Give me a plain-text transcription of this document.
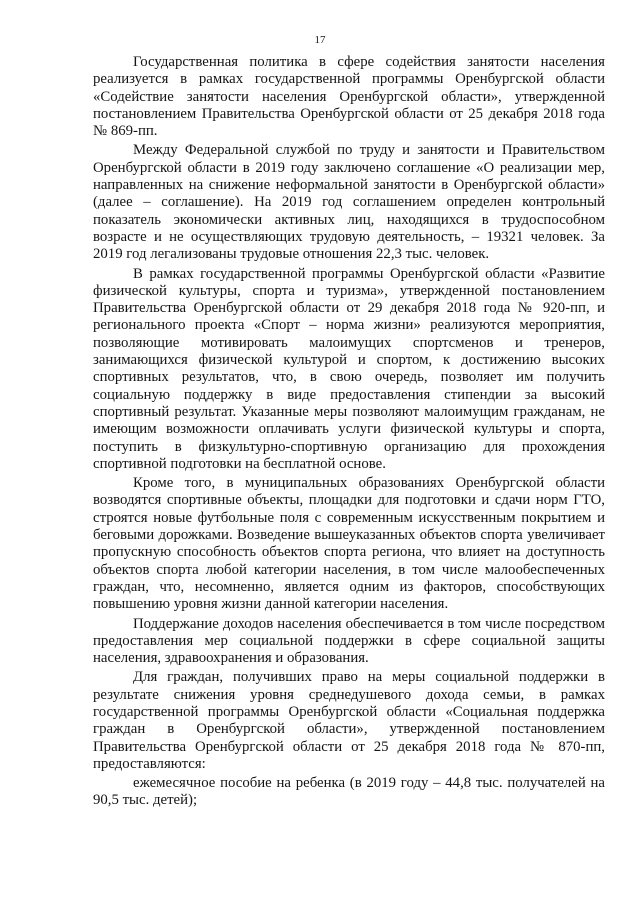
17

Государственная политика в сфере содействия занятости населения реализуется в рамках государственной программы Оренбургской области «Содействие занятости населения Оренбургской области», утвержденной постановлением Правительства Оренбургской области от 25 декабря 2018 года № 869-пп.

Между Федеральной службой по труду и занятости и Правительством Оренбургской области в 2019 году заключено соглашение «О реализации мер, направленных на снижение неформальной занятости в Оренбургской области» (далее – соглашение). На 2019 год соглашением определен контрольный показатель экономически активных лиц, находящихся в трудоспособном возрасте и не осуществляющих трудовую деятельность, – 19321 человек. За 2019 год легализованы трудовые отношения 22,3 тыс. человек.

В рамках государственной программы Оренбургской области «Развитие физической культуры, спорта и туризма», утвержденной постановлением Правительства Оренбургской области от 29 декабря 2018 года № 920-пп, и регионального проекта «Спорт – норма жизни» реализуются мероприятия, позволяющие мотивировать малоимущих спортсменов и тренеров, занимающихся физической культурой и спортом, к достижению высоких спортивных результатов, что, в свою очередь, позволяет им получить социальную поддержку в виде предоставления стипендии за высокий спортивный результат. Указанные меры позволяют малоимущим гражданам, не имеющим возможности оплачивать услуги физической культуры и спорта, поступить в физкультурно-спортивную организацию для прохождения спортивной подготовки на бесплатной основе.

Кроме того, в муниципальных образованиях Оренбургской области возводятся спортивные объекты, площадки для подготовки и сдачи норм ГТО, строятся новые футбольные поля с современным искусственным покрытием и беговыми дорожками. Возведение вышеуказанных объектов спорта увеличивает пропускную способность объектов спорта региона, что влияет на доступность объектов спорта любой категории населения, в том числе малообеспеченных граждан, что, несомненно, является одним из факторов, способствующих повышению уровня жизни данной категории населения.

Поддержание доходов населения обеспечивается в том числе посредством предоставления мер социальной поддержки в сфере социальной защиты населения, здравоохранения и образования.

Для граждан, получивших право на меры социальной поддержки в результате снижения уровня среднедушевого дохода семьи, в рамках государственной программы Оренбургской области «Социальная поддержка граждан в Оренбургской области», утвержденной постановлением Правительства Оренбургской области от 25 декабря 2018 года № 870-пп, предоставляются:

ежемесячное пособие на ребенка (в 2019 году – 44,8 тыс. получателей на 90,5 тыс. детей);
